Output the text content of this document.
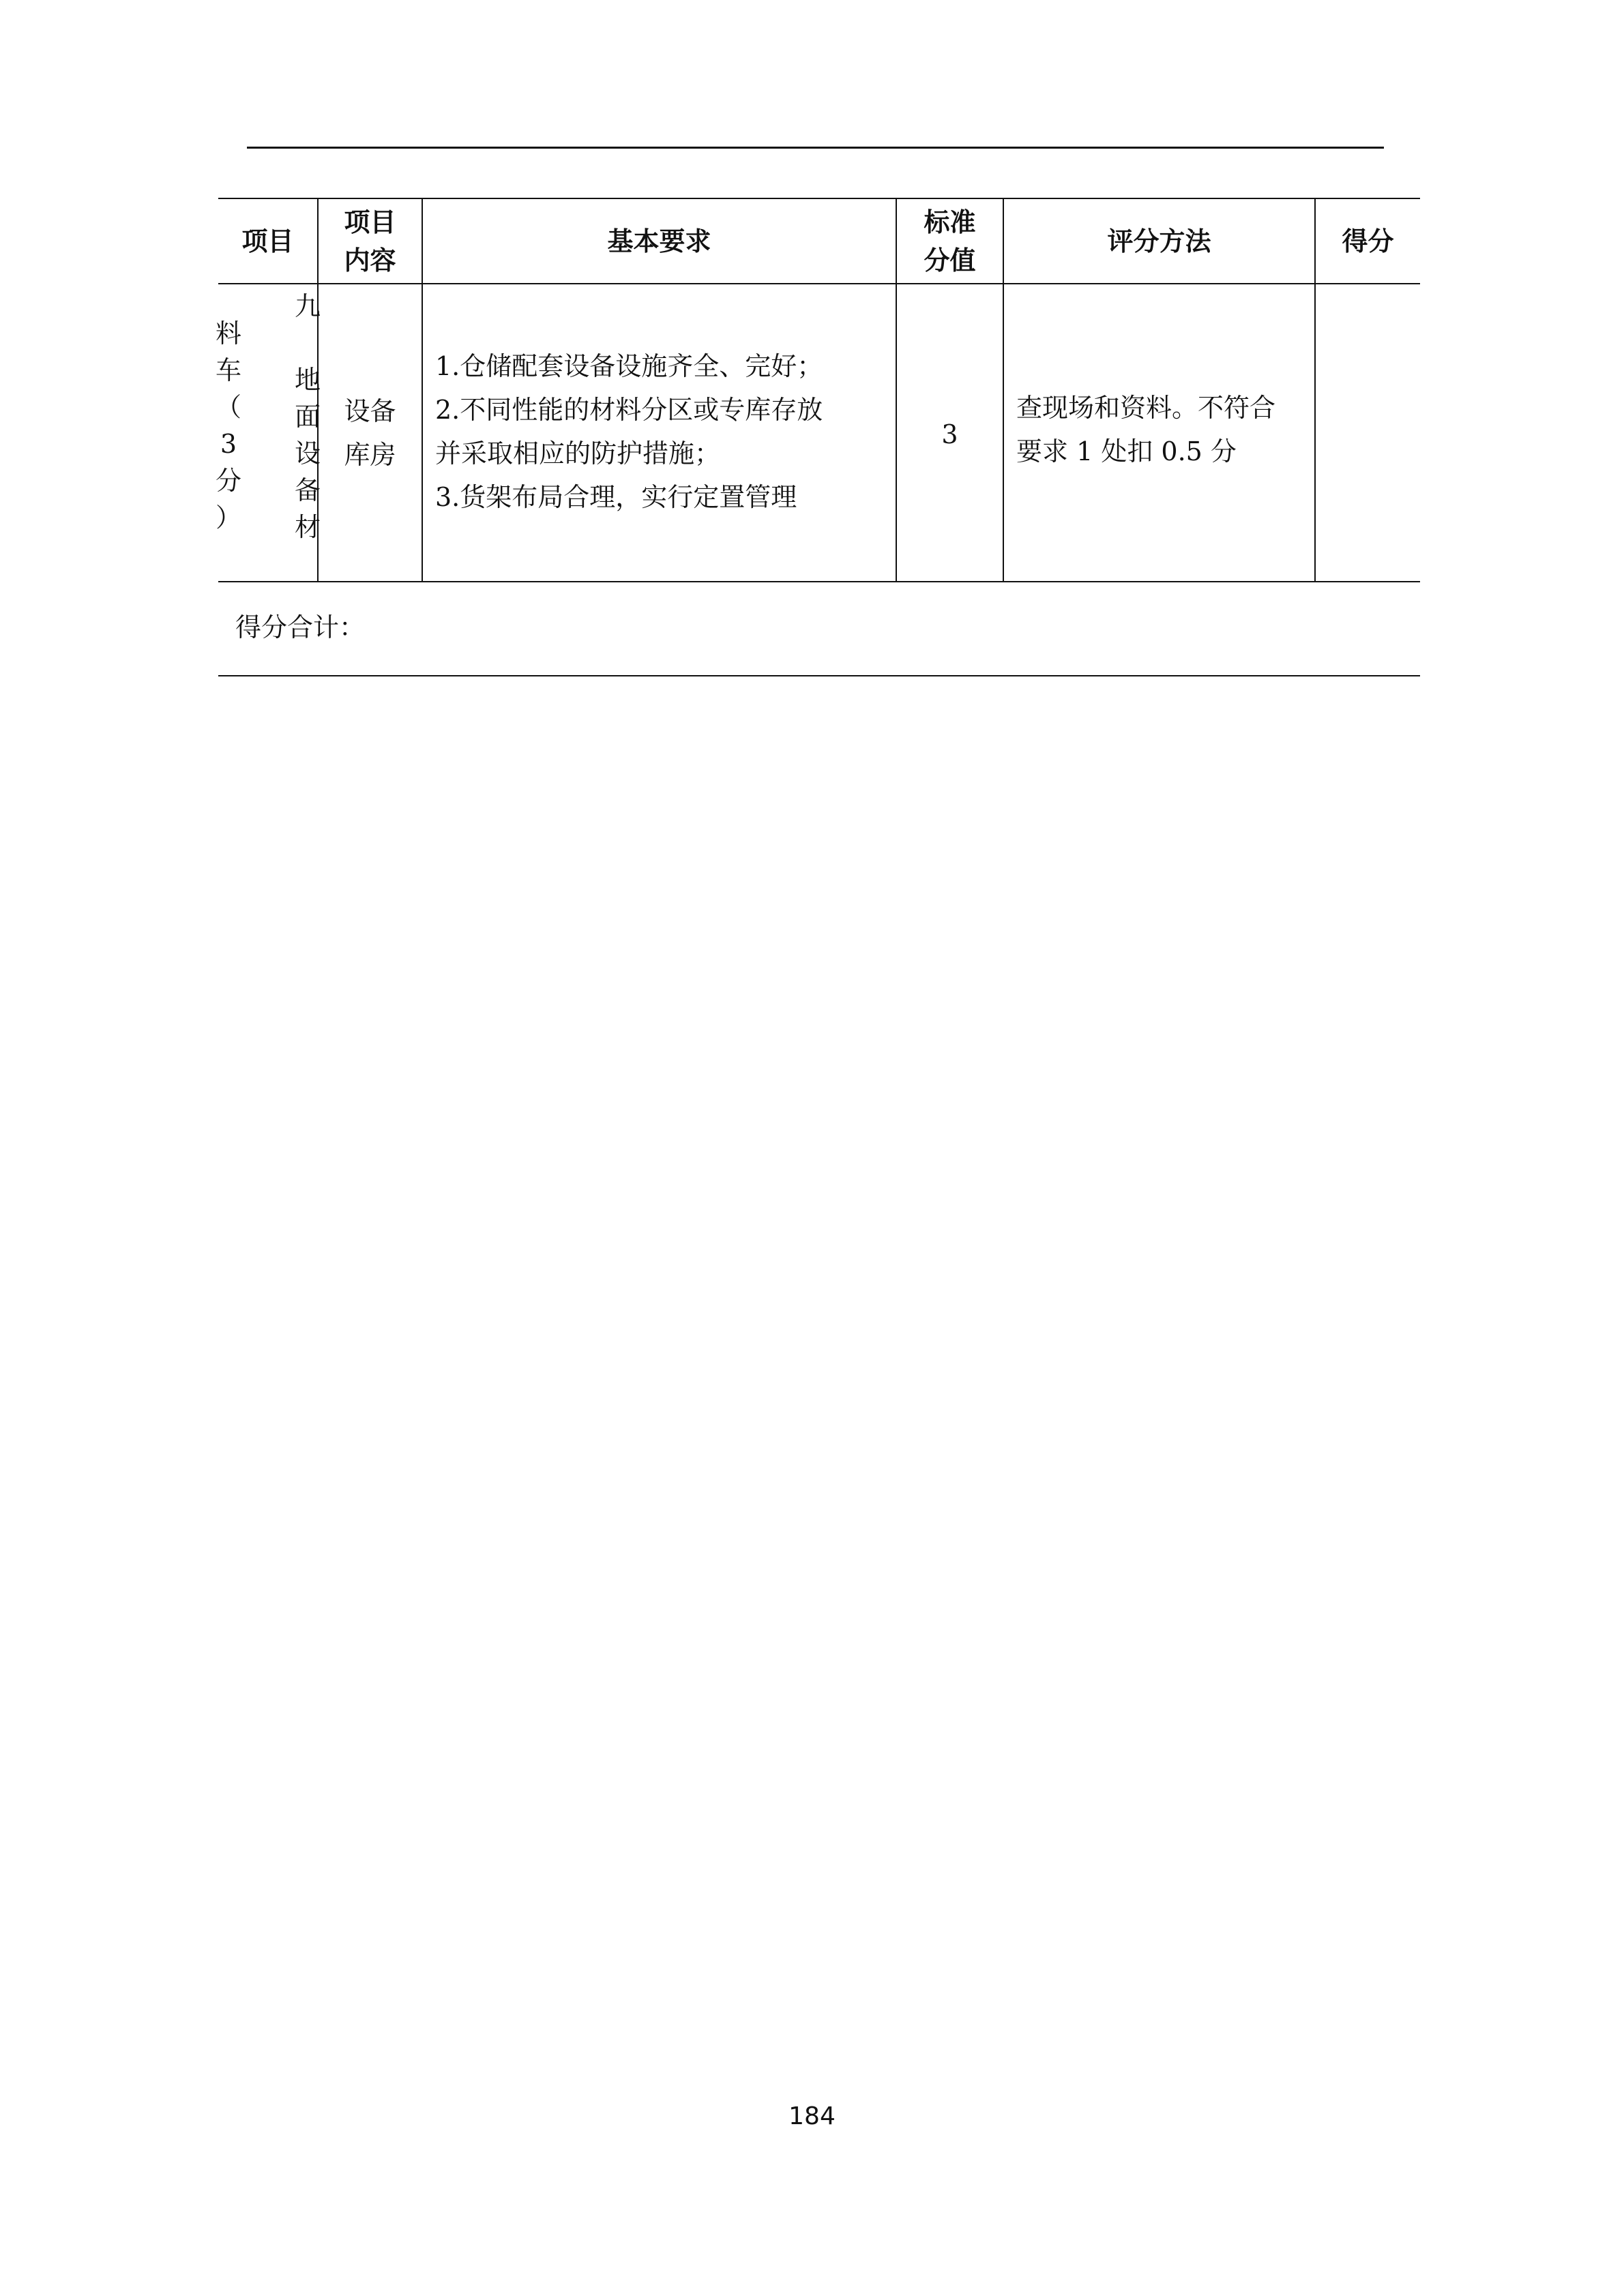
项目
项目
内容
基本要求
标准
分值
评分方法	得分
料
车
（
3
分
）
九
地
面
设
备
材
设备
库房
1.仓储配套设备设施齐全、完好；
2.不同性能的材料分区或专库存放
并采取相应的防护措施；
3.货架布局合理，实行定置管理
3
查现场和资料。不符合
要求 1 处扣 0.5 分
得分合计：
184
